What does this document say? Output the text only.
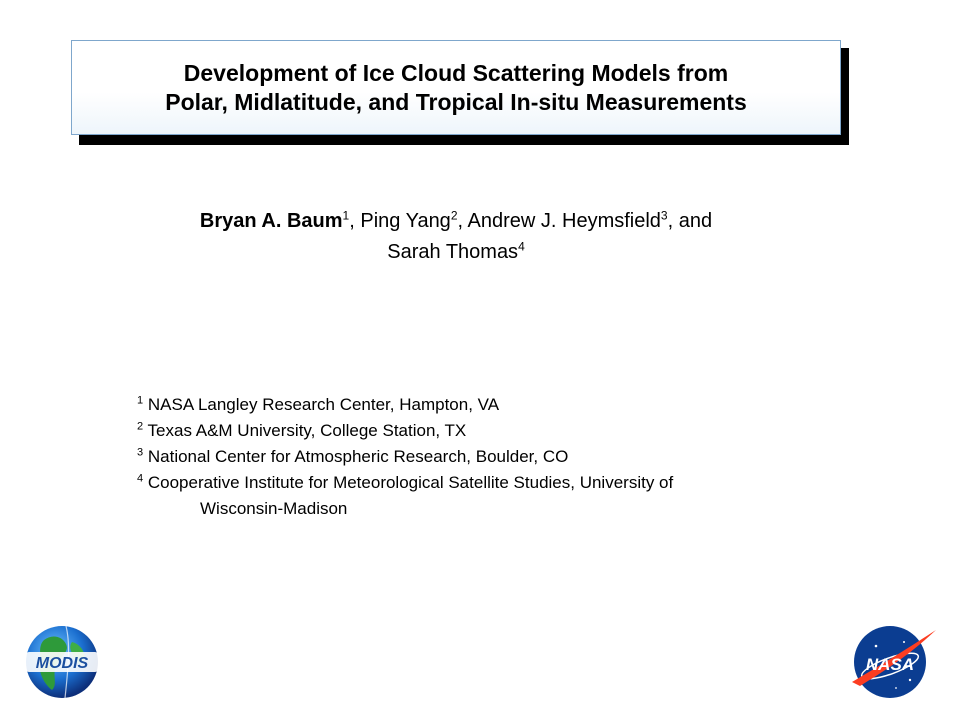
Development of Ice Cloud Scattering Models from
Polar, Midlatitude, and Tropical In-situ Measurements
Bryan A. Baum$^1$, Ping Yang$^2$, Andrew J. Heymsfield$^3$, and
Sarah Thomas$^4$
$^1$ NASA Langley Research Center, Hampton, VA
$^2$ Texas A&M University, College Station, TX
$^3$ National Center for Atmospheric Research, Boulder, CO
$^4$ Cooperative Institute for Meteorological Satellite Studies, University of
Wisconsin-Madison
MODIS	NASA
